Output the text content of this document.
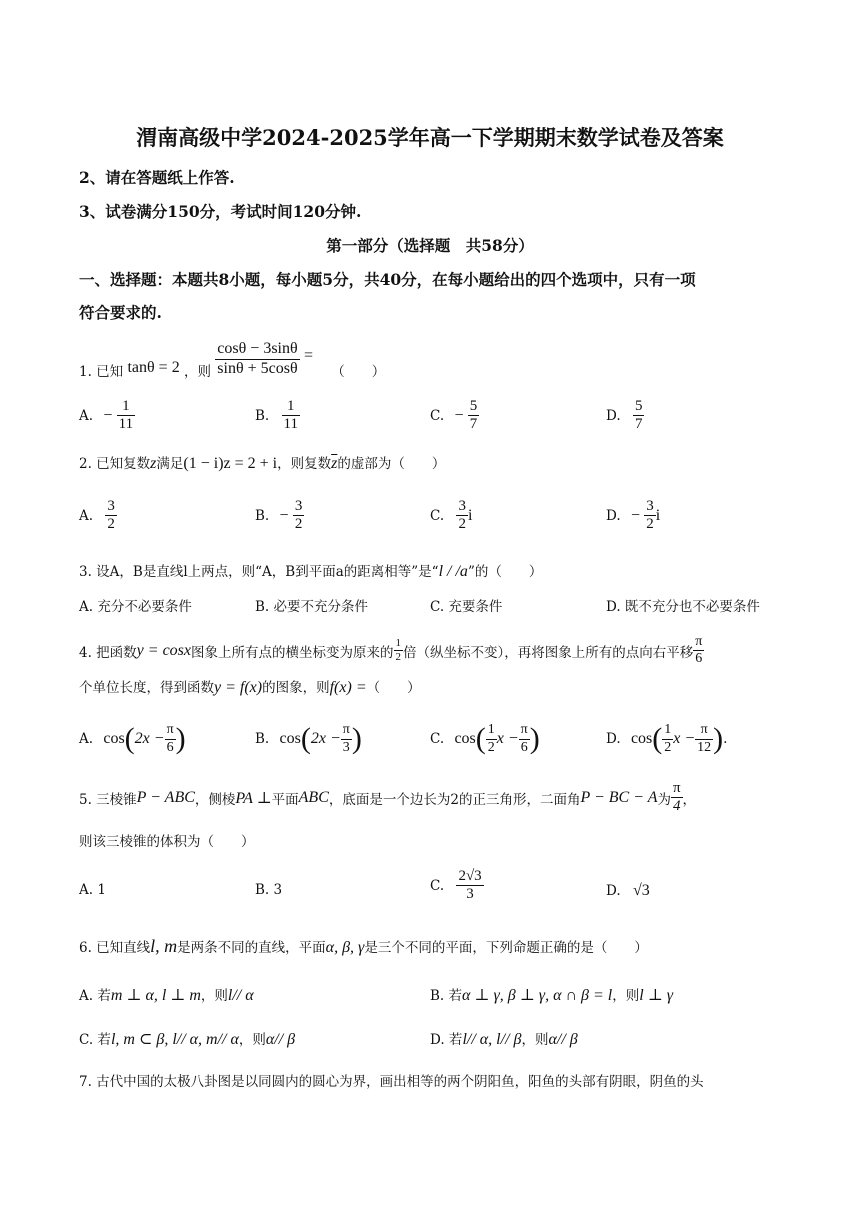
渭南高级中学2024-2025学年高一下学期期末数学试卷及答案
2、请在答题纸上作答.
3、试卷满分150分，考试时间120分钟.
第一部分（选择题　共58分）
一、选择题：本题共8小题，每小题5分，共40分，在每小题给出的四个选项中，只有一项
符合要求的.
1. 已知 tanθ = 2 ，则 $\frac{\cos\theta - 3\sin\theta}{\sin\theta + 5\cos\theta}$ = （　　）
A. − $\frac{1}{11}$	B. $\frac{1}{11}$	C. − $\frac{5}{7}$	D. $\frac{5}{7}$
2. 已知复数z满足(1 − i)z = 2 + i，则复数$\overline{z}$的虚部为（　　）
A. $\frac{3}{2}$	B. − $\frac{3}{2}$	C. $\frac{3}{2}$ i	D. − $\frac{3}{2}$ i
3. 设A，B是直线l上两点，则“A，B到平面a的距离相等”是“l / /a”的（　　）
A. 充分不必要条件	B. 必要不充分条件	C. 充要条件	D. 既不充分也不必要条件
4. 把函数y = cosx图象上所有点的横坐标变为原来的 $\frac{1}{2}$ 倍（纵坐标不变），再将图象上所有的点向右平移 $\frac{\pi}{6}$
个单位长度，得到函数y = f(x)的图象，则f(x) =（　　）
A. $\cos(2x - \frac{\pi}{6}$ )	B. $\cos(2x - \frac{\pi}{3}$ )	C. $\cos( \frac{1}{2}$ $x - \frac{\pi}{6}$ )	D. $\cos( \frac{1}{2}$ $x - \frac{\pi}{12}$ ).
5. 三棱锥P − ABC，侧棱PA ⊥平面ABC，底面是一个边长为2的正三角形，二面角P − BC − A为 $\frac{\pi}{4}$ ，
则该三棱锥的体积为（　　）
A. 1	B. 3	C. $\frac{2√3}{3}$	D. √3
6. 已知直线l, m是两条不同的直线，平面α, β, γ是三个不同的平面，下列命题正确的是（　　）
A. 若m ⊥ α, l ⊥ m，则l// α	B. 若α ⊥ γ, β ⊥ γ, α ∩ β = l，则l ⊥ γ
C. 若l, m ⊂ β, l// α, m// α，则α// β	D. 若l// α, l// β，则α// β
7. 古代中国的太极八卦图是以同圆内的圆心为界，画出相等的两个阴阳鱼，阳鱼的头部有阴眼，阴鱼的头
